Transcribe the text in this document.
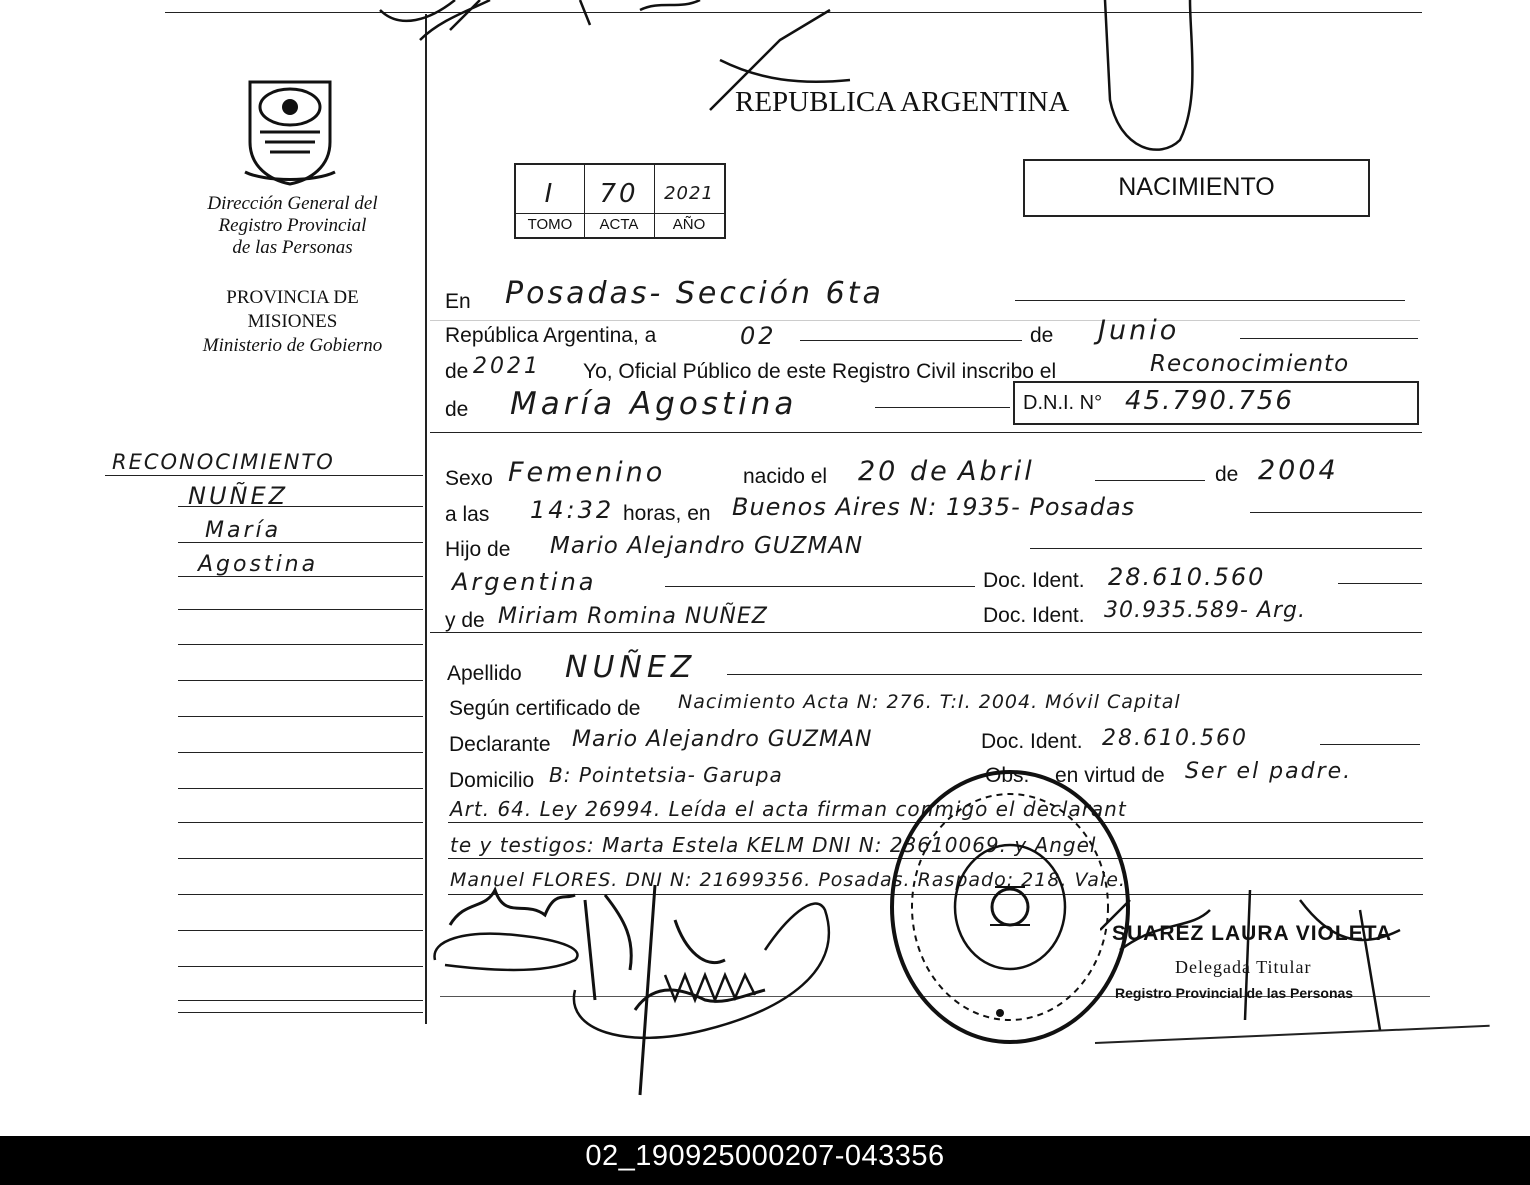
Dirección General del
Registro Provincial
de las Personas
PROVINCIA DE
MISIONES
Ministerio de Gobierno
RECONOCIMIENTO
NUÑEZ
María
Agostina
REPUBLICA ARGENTINA
I	70	2021
TOMO	ACTA	AÑO
NACIMIENTO
En Posadas- Sección 6ta
República Argentina, a	02	de Junio
de 2021 Yo, Oficial Público de este Registro Civil inscribo el	Reconocimiento
de María Agostina	D.N.I. N° 45.790.756
Sexo Femenino	nacido el 20 de Abril	de 2004
a las 14:32 horas, en Buenos Aires N: 1935- Posadas
Hijo de Mario Alejandro GUZMAN
Argentina	Doc. Ident. 28.610.560
y de Miriam Romina NUÑEZ	Doc. Ident. 30.935.589- Arg.
Apellido NUÑEZ
Según certificado de Nacimiento Acta N: 276. T:I. 2004. Móvil Capital
Declarante Mario Alejandro GUZMAN	Doc. Ident. 28.610.560
Domicilio B: Pointetsia- Garupa	Obs. en virtud de Ser el padre.
Art. 64. Ley 26994. Leída el acta firman conmigo el declarant
te y testigos: Marta Estela KELM DNI N: 23610069. y Angel
Manuel FLORES. DNI N: 21699356. Posadas. Raspado: 218. Vale.
SUAREZ LAURA VIOLETA
Delegada Titular
Registro Provincial de las Personas
02_190925000207-043356
